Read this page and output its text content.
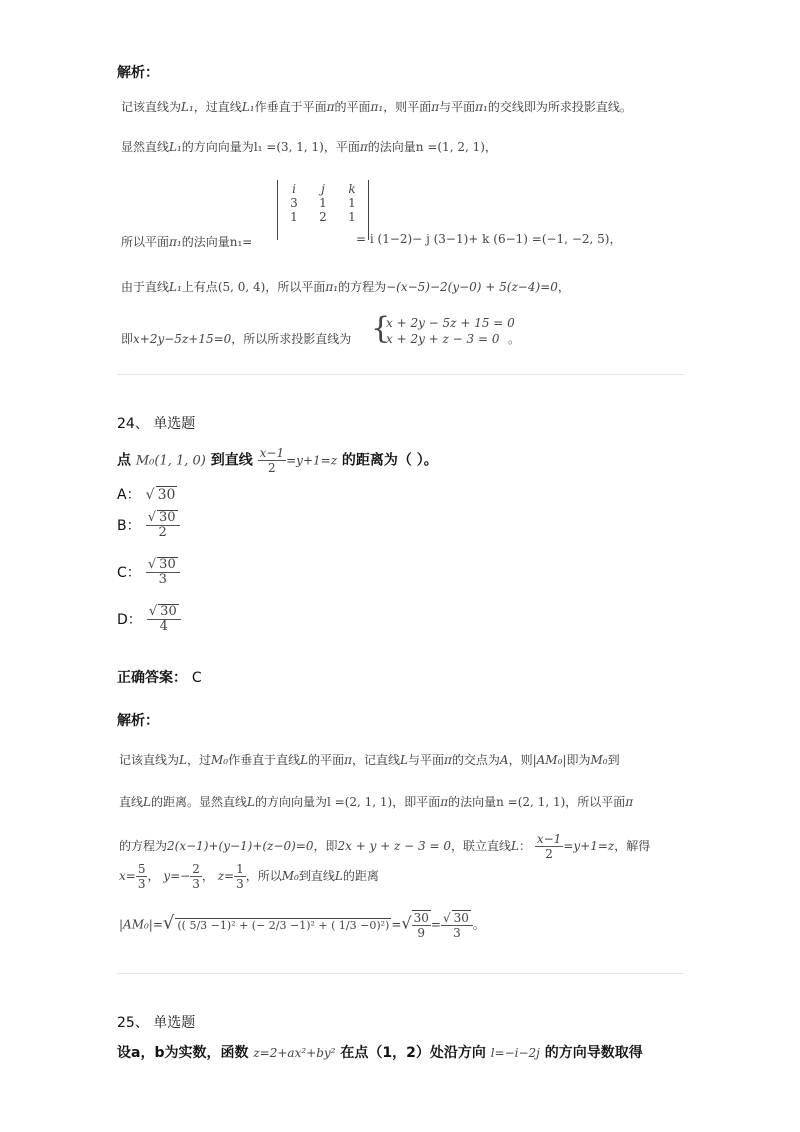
解析：
记该直线为L₁，过直线L₁作垂直于平面π的平面π₁，则平面π与平面π₁的交线即为所求投影直线。
显然直线L₁的方向向量为l₁ =(3, 1, 1)，平面π的法向量n =(1, 2, 1)，
i	j	k
3	1	1
1	2	1
所以平面π₁的法向量n₁=	= i (1−2)− j (3−1)+ k (6−1) =(−1, −2, 5)，
由于直线L₁上有点(5, 0, 4)，所以平面π₁的方程为−(x−5)−2(y−0) + 5(z−4)=0，
即x+2y−5z+15=0，所以所求投影直线为 {
x + 2y − 5z + 15 = 0
x + 2y + z − 3 = 0 。
24、 单选题
点 M₀(1, 1, 0) 到直线 $\frac{x-1}{2} =y+1=z$ 的距离为（ ）。
A： √ 30
B： $\frac{√ 30}{2}$
C： $\frac{√ 30}{3}$
D： $\frac{√ 30}{4}$
正确答案： C
解析：
记该直线为L，过M₀作垂直于直线L的平面π，记直线L与平面π的交点为A，则|AM₀|即为M₀到
直线L的距离。显然直线L的方向向量为l =(2, 1, 1)，即平面π的法向量n =(2, 1, 1)，所以平面π
的方程为2(x−1)+(y−1)+(z−0)=0，即2x + y + z − 3 = 0，联立直线L： $\frac{x-1}{2} =y+1=z$，解得
$x= \frac{5}{3}$ ， $y=- \frac{2}{3}$ ， $z= \frac{1}{3}$ ，所以M₀到直线L的距离
|AM₀|=√ (( 5/3 −1)² + (− 2/3 −1)² + ( 1/3 −0)²) =√ $\frac{30}{9} = \frac{√ 30}{3}$ 。
25、 单选题
设a，b为实数，函数 z=2+ax²+by² 在点（1，2）处沿方向 l=−i−2j 的方向导数取得
